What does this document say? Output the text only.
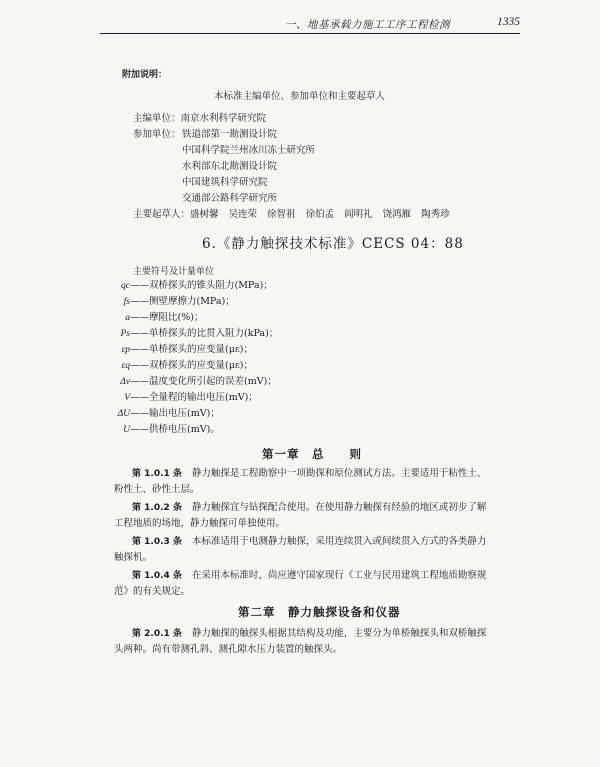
一、地基承载力施工工序工程检测	1335
附加说明：
本标准主编单位、参加单位和主要起草人
主编单位：南京水利科学研究院
参加单位： 铁道部第一勘测设计院
中国科学院兰州冰川冻土研究所
水利部东北勘测设计院
中国建筑科学研究院
交通部公路科学研究所
主要起草人：盛树馨 吴连荣 徐智祖 徐伯孟 阎明礼 饶鸿雁 陶秀珍
6.《静力触探技术标准》CECS 04：88
主要符号及计量单位
qc——双桥探头的锥头阻力(MPa)；
fs——侧壁摩擦力(MPa)；
a——摩阻比(%)；
Ps——单桥探头的比贯入阻力(kPa)；
εp——单桥探头的应变量(με)；
εq——双桥探头的应变量(με)；
Δv——温度变化所引起的误差(mV)；
V——全量程的输出电压(mV)；
ΔU——输出电压(mV)；
U——供桥电压(mV)。
第一章　总　　则
第 1.0.1 条 静力触探是工程勘察中一项勘探和原位测试方法。主要适用于粘性土、
粉性土、砂性土层。
第 1.0.2 条 静力触探宜与钻探配合使用。在使用静力触探有经验的地区或初步了解
工程地质的场地，静力触探可单独使用。
第 1.0.3 条 本标准适用于电测静力触探，采用连续贯入或间续贯入方式的各类静力
触探机。
第 1.0.4 条 在采用本标准时，尚应遵守国家现行《工业与民用建筑工程地质勘察规
范》的有关规定。
第二章　静力触探设备和仪器
第 2.0.1 条 静力触探的触探头根据其结构及功能，主要分为单桥触探头和双桥触探
头两种。尚有带测孔斜、测孔隙水压力装置的触探头。
